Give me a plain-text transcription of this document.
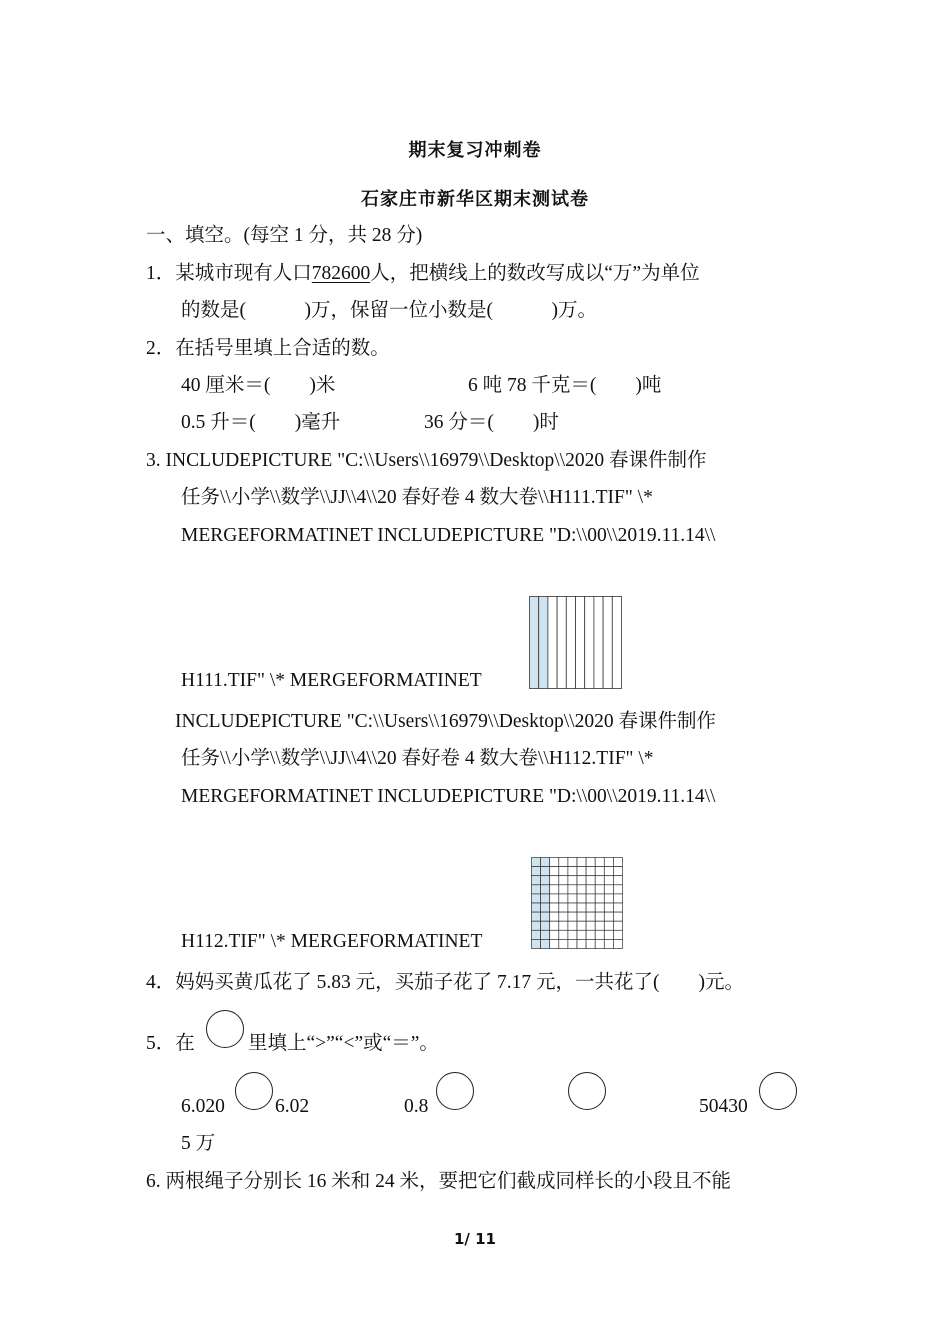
期末复习冲刺卷
石家庄市新华区期末测试卷
一、填空。(每空 1 分，共 28 分)
1．某城市现有人口782600人，把横线上的数改写成以“万”为单位
的数是(　　　)万，保留一位小数是(　　　)万。
2．在括号里填上合适的数。
40 厘米＝(　　)米	6 吨 78 千克＝(　　)吨
0.5 升＝(　　)毫升	36 分＝(　　)时
3. INCLUDEPICTURE "C:\\Users\\16979\\Desktop\\2020 春课件制作
任务\\小学\\数学\\JJ\\4\\20 春好卷 4 数大卷\\H111.TIF" \*
MERGEFORMATINET INCLUDEPICTURE "D:\\00\\2019.11.14\\
H111.TIF" \* MERGEFORMATINET
INCLUDEPICTURE "C:\\Users\\16979\\Desktop\\2020 春课件制作
任务\\小学\\数学\\JJ\\4\\20 春好卷 4 数大卷\\H112.TIF" \*
MERGEFORMATINET INCLUDEPICTURE "D:\\00\\2019.11.14\\
H112.TIF" \* MERGEFORMATINET
4．妈妈买黄瓜花了 5.83 元，买茄子花了 7.17 元，一共花了(　　)元。
5．在	里填上“>”“<”或“＝”。
6.020	6.02	0.8	50430
5 万
6. 两根绳子分别长 16 米和 24 米，要把它们截成同样长的小段且不能
1/ 11
